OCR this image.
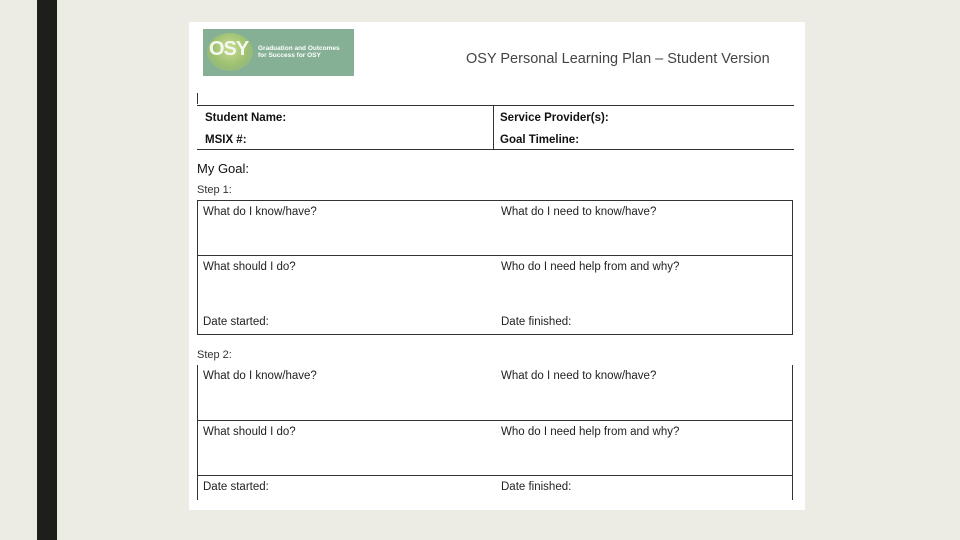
OSY Graduation and Outcomes for Success for OSY	OSY Personal Learning Plan – Student Version
Student Name:	Service Provider(s):
MSIX #:	Goal Timeline:
My Goal:
Step 1:
What do I know/have?	What do I need to know/have?
What should I do?	Who do I need help from and why?
Date started:	Date finished:
Step 2:
What do I know/have?	What do I need to know/have?
What should I do?	Who do I need help from and why?
Date started:	Date finished:
